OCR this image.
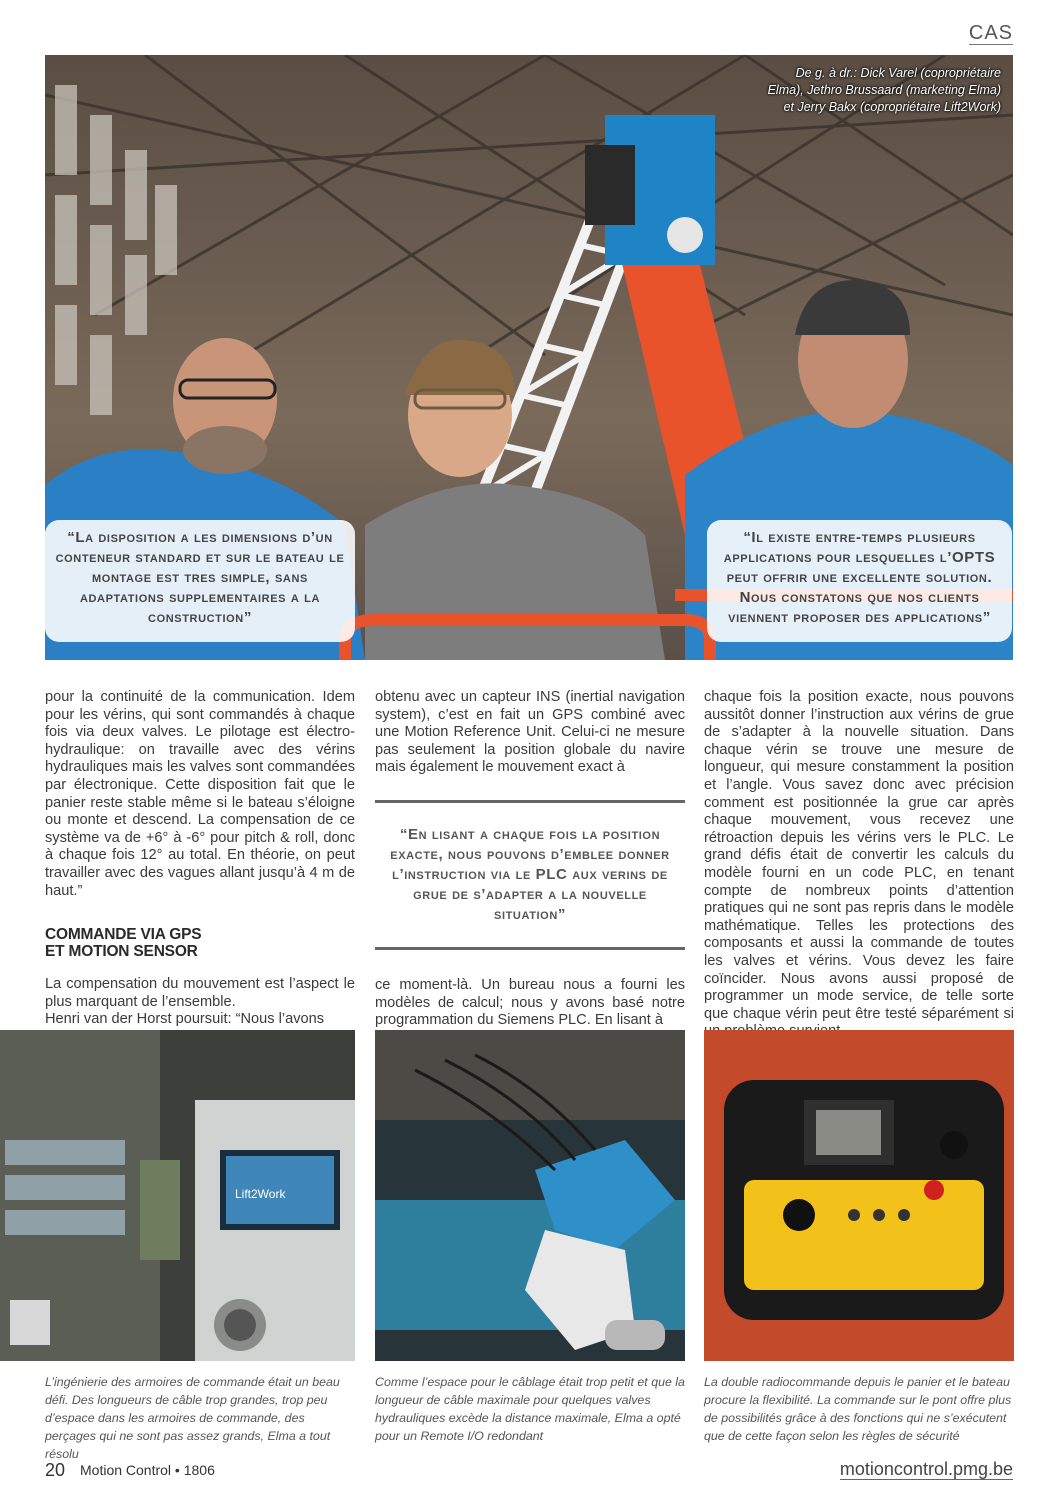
CAS
De g. à dr.: Dick Varel (copropriétaire Elma), Jethro Brussaard (marketing Elma) et Jerry Bakx (copropriétaire Lift2Work)
“La disposition a les dimensions d’un conteneur standard et sur le bateau le montage est tres simple, sans adaptations supplementaires a la construction”
“Il existe entre-temps plusieurs applications pour lesquelles l’OPTS peut offrir une excellente solution. Nous constatons que nos clients viennent proposer des applications”

pour la continuité de la communication. Idem pour les vérins, qui sont commandés à chaque fois via deux valves. Le pilotage est électro-hydraulique: on travaille avec des vérins hydrauliques mais les valves sont commandées par électronique. Cette disposition fait que le panier reste stable même si le bateau s’éloigne ou monte et descend. La compensation de ce système va de +6° à -6° pour pitch & roll, donc à chaque fois 12° au total. En théorie, on peut travailler avec des vagues allant jusqu’à 4 m de haut.”

COMMANDE VIA GPS
ET MOTION SENSOR

La compensation du mouvement est l’aspect le plus marquant de l’ensemble.

Henri van der Horst poursuit: “Nous l’avons

obtenu avec un capteur INS (inertial navigation system), c’est en fait un GPS combiné avec une Motion Reference Unit. Celui-ci ne mesure pas seulement la position globale du navire mais également le mouvement exact à

“En lisant a chaque fois la position exacte, nous pouvons d’emblee donner l’instruction via le PLC aux verins de grue de s’adapter a la nouvelle situation”

ce moment-là. Un bureau nous a fourni les modèles de calcul; nous y avons basé notre programmation du Siemens PLC. En lisant à

chaque fois la position exacte, nous pouvons aussitôt donner l’instruction aux vérins de grue de s’adapter à la nouvelle situation. Dans chaque vérin se trouve une mesure de longueur, qui mesure constamment la position et l’angle. Vous savez donc avec précision comment est positionnée la grue car après chaque mouvement, vous recevez une rétroaction depuis les vérins vers le PLC. Le grand défis était de convertir les calculs du modèle fourni en un code PLC, en tenant compte de nombreux points d’attention pratiques qui ne sont pas repris dans le modèle mathématique. Telles les protections des composants et aussi la commande de toutes les valves et vérins. Vous devez les faire coïncider. Nous avons aussi proposé de programmer un mode service, de telle sorte que chaque vérin peut être testé séparément si

Lift2Work
L’ingénierie des armoires de commande était un beau défi. Des longueurs de câble trop grandes, trop peu d’espace dans les armoires de commande, des perçages qui ne sont pas assez grands, Elma a tout résolu
Comme l’espace pour le câblage était trop petit et que la longueur de câble maximale pour quelques valves hydrauliques excède la distance maximale, Elma a opté pour un Remote I/O redondant
La double radiocommande depuis le panier et le bateau procure la flexibilité. La commande sur le pont offre plus de possibilités grâce à des fonctions qui ne s’exécutent que de cette façon selon les règles de sécurité
20 Motion Control • 1806	motioncontrol.pmg.be
